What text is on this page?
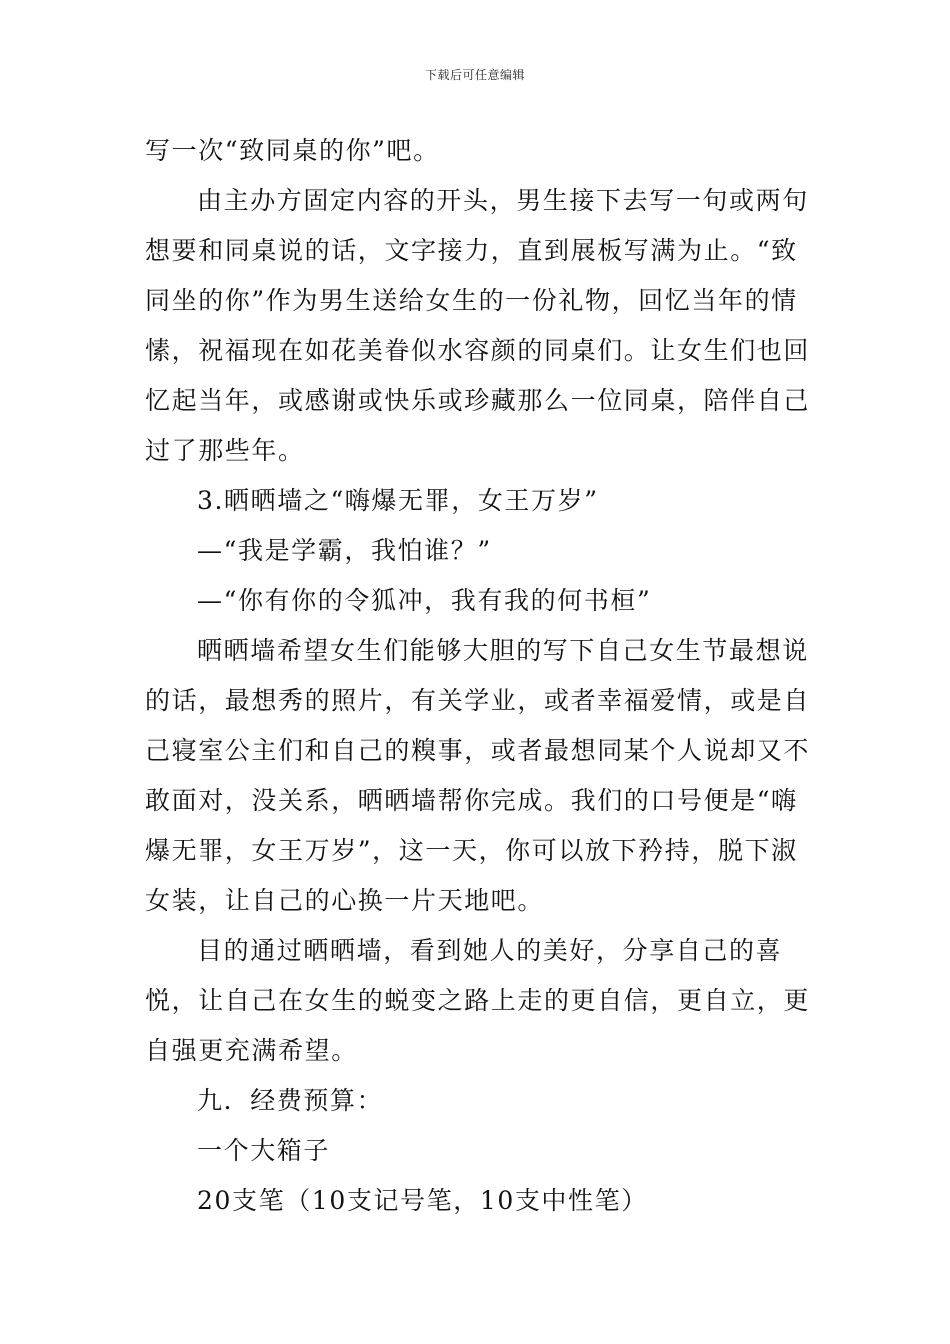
下载后可任意编辑

写一次“致同桌的你”吧。

由主办方固定内容的开头，男生接下去写一句或两句想要和同桌说的话，文字接力，直到展板写满为止。“致同坐的你”作为男生送给女生的一份礼物，回忆当年的情愫，祝福现在如花美眷似水容颜的同桌们。让女生们也回忆起当年，或感谢或快乐或珍藏那么一位同桌，陪伴自己过了那些年。

3.晒晒墙之“嗨爆无罪，女王万岁”

—“我是学霸，我怕谁？”

—“你有你的令狐冲，我有我的何书桓”

晒晒墙希望女生们能够大胆的写下自己女生节最想说的话，最想秀的照片，有关学业，或者幸福爱情，或是自己寝室公主们和自己的糗事，或者最想同某个人说却又不敢面对，没关系，晒晒墙帮你完成。我们的口号便是“嗨爆无罪，女王万岁”，这一天，你可以放下矜持，脱下淑女装，让自己的心换一片天地吧。

目的通过晒晒墙，看到她人的美好，分享自己的喜悦，让自己在女生的蜕变之路上走的更自信，更自立，更自强更充满希望。

九．经费预算：

一个大箱子

20支笔（10支记号笔，10支中性笔）
